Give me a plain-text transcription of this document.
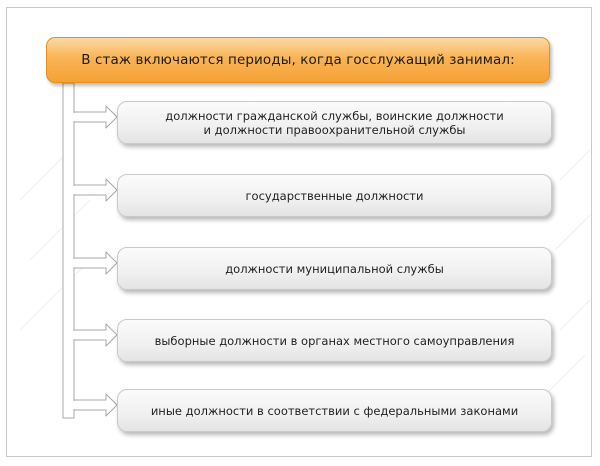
В стаж включаются периоды, когда госслужащий занимал:
должности гражданской службы, воинские должности
и должности правоохранительной службы
государственные должности
должности муниципальной службы
выборные должности в органах местного самоуправления
иные должности в соответствии с федеральными законами
